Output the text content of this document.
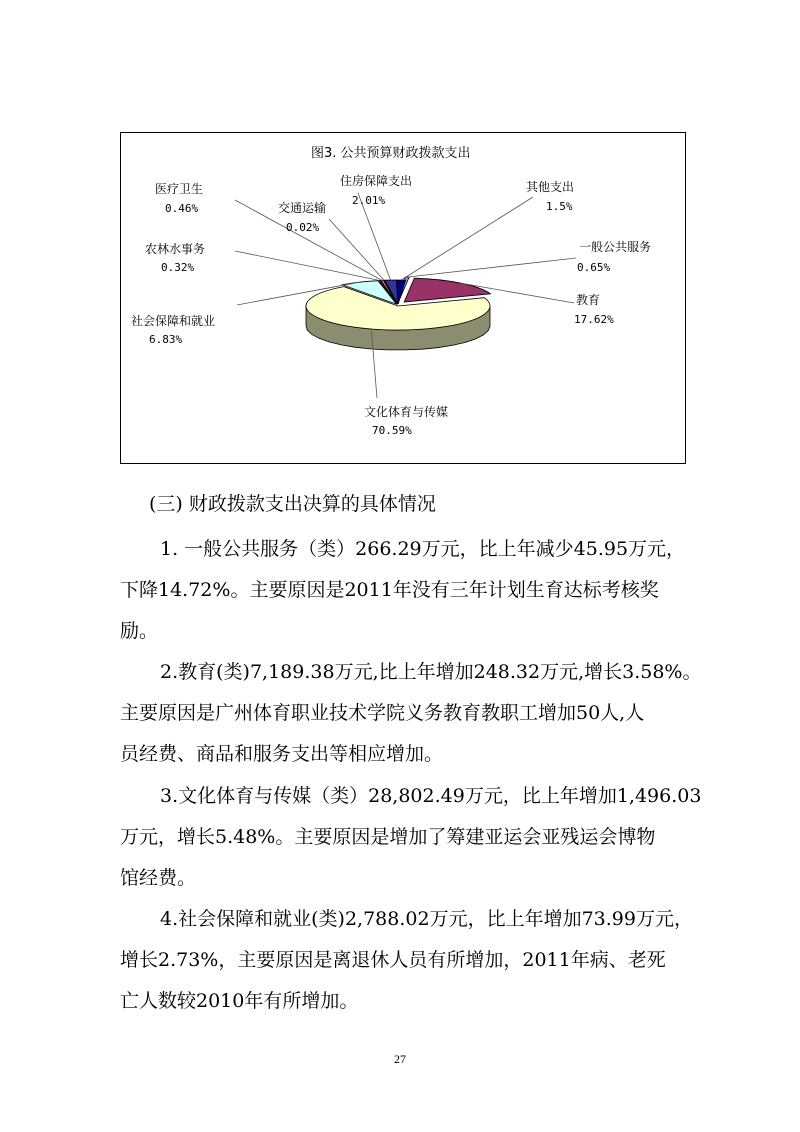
图3. 公共预算财政拨款支出
一般公共服务
0.65%
教育
17.62%
文化体育与传媒
70.59%
社会保障和就业
6.83%
农林水事务
0.32%
医疗卫生
0.46%	交通运输
0.02%
住房保障支出
2.01%
其他支出
1.5%

(三) 财政拨款支出决算的具体情况

1. 一般公共服务（类）266.29万元，比上年减少45.95万元，

下降14.72%。主要原因是2011年没有三年计划生育达标考核奖

励。

2.教育(类)7,189.38万元,比上年增加248.32万元,增长3.58%。

主要原因是广州体育职业技术学院义务教育教职工增加50人,人

员经费、商品和服务支出等相应增加。

3.文化体育与传媒（类）28,802.49万元，比上年增加1,496.03

万元，增长5.48%。主要原因是增加了筹建亚运会亚残运会博物

馆经费。

4.社会保障和就业(类)2,788.02万元，比上年增加73.99万元，

增长2.73%，主要原因是离退休人员有所增加，2011年病、老死

亡人数较2010年有所增加。

27
